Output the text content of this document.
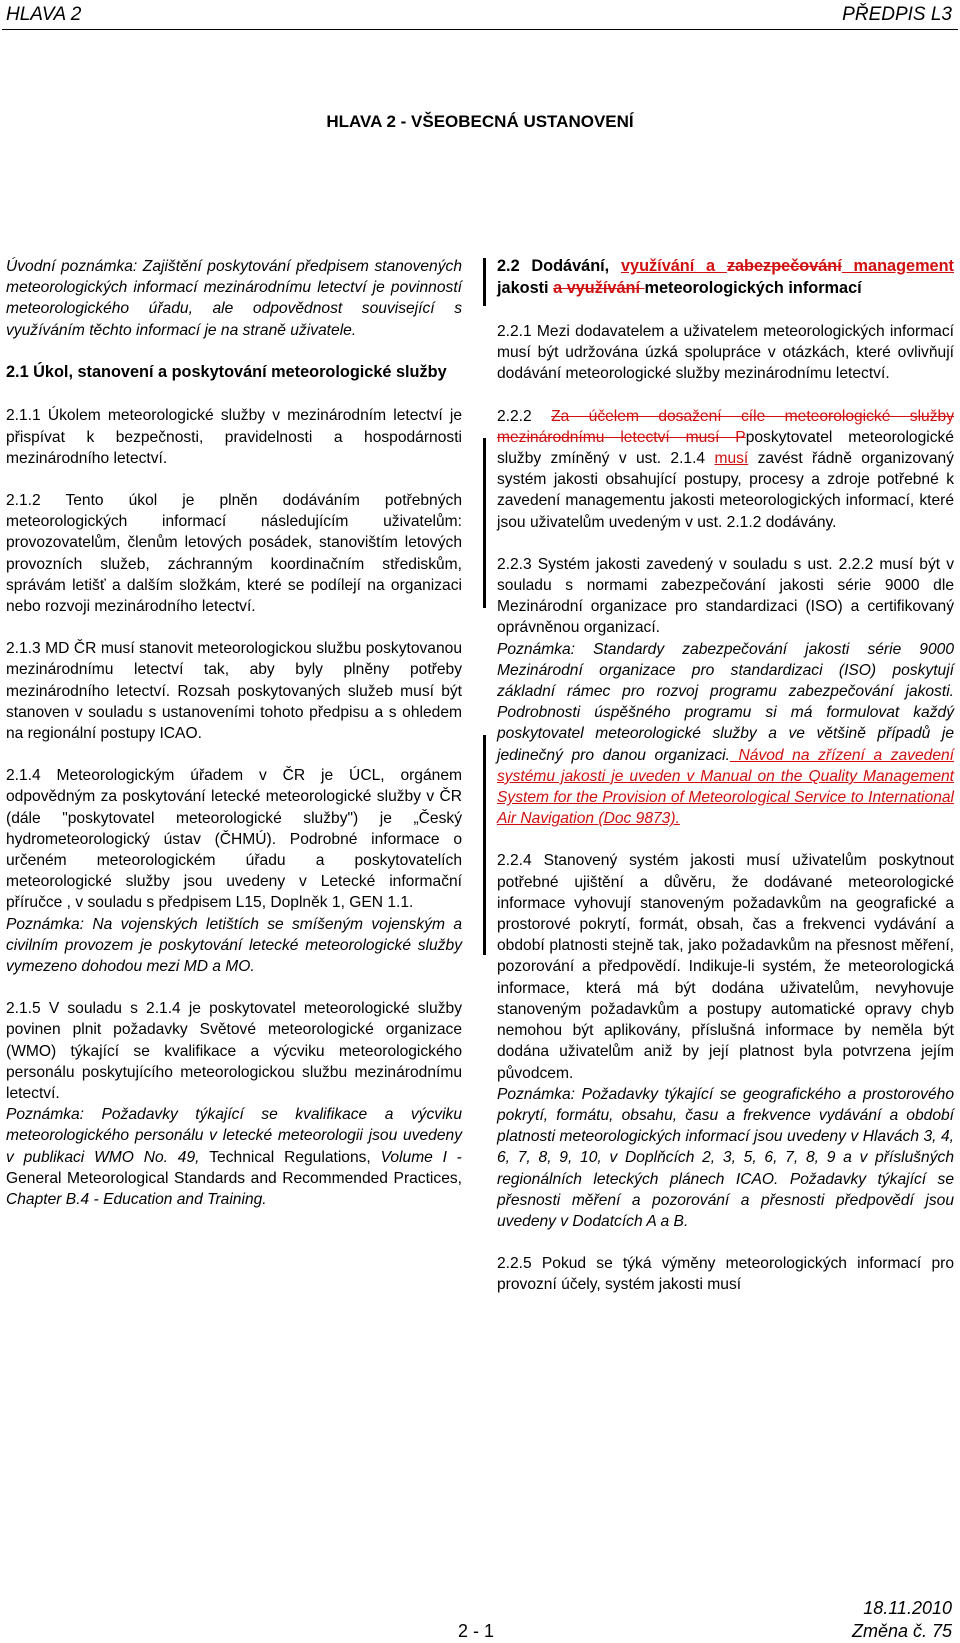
HLAVA 2	PŘEDPIS L3
HLAVA 2 - VŠEOBECNÁ USTANOVENÍ

Úvodní poznámka: Zajištění poskytování předpisem stanovených meteorologických informací mezinárodnímu letectví je povinností meteorologického úřadu, ale odpovědnost související s využíváním těchto informací je na straně uživatele.

2.1 Úkol, stanovení a poskytování meteorologické služby

2.1.1 Úkolem meteorologické služby v mezinárodním letectví je přispívat k bezpečnosti, pravidelnosti a hospodárnosti mezinárodního letectví.

2.1.2 Tento úkol je plněn dodáváním potřebných meteorologických informací následujícím uživatelům: provozovatelům, členům letových posádek, stanovištím letových provozních služeb, záchranným koordinačním střediskům, správám letišť a dalším složkám, které se podílejí na organizaci nebo rozvoji mezinárodního letectví.

2.1.3 MD ČR musí stanovit meteorologickou službu poskytovanou mezinárodnímu letectví tak, aby byly plněny potřeby mezinárodního letectví. Rozsah poskytovaných služeb musí být stanoven v souladu s ustanoveními tohoto předpisu a s ohledem na regionální postupy ICAO.

2.1.4 Meteorologickým úřadem v ČR je ÚCL, orgánem odpovědným za poskytování letecké meteorologické služby v ČR (dále "poskytovatel meteorologické služby") je „Český hydrometeorologický ústav (ČHMÚ). Podrobné informace o určeném meteorologickém úřadu a poskytovatelích meteorologické služby jsou uvedeny v Letecké informační příručce , v souladu s předpisem L15, Doplněk 1, GEN 1.1.

Poznámka: Na vojenských letištích se smíšeným vojenským a civilním provozem je poskytování letecké meteorologické služby vymezeno dohodou mezi MD a MO.

2.1.5 V souladu s 2.1.4 je poskytovatel meteorologické služby povinen plnit požadavky Světové meteorologické organizace (WMO) týkající se kvalifikace a výcviku meteorologického personálu poskytujícího meteorologickou službu mezinárodnímu letectví.

Poznámka: Požadavky týkající se kvalifikace a výcviku meteorologického personálu v letecké meteorologii jsou uvedeny v publikaci WMO No. 49, Technical Regulations, Volume I - General Meteorological Standards and Recommended Practices, Chapter B.4 - Education and Training.

2.2 Dodávání, využívání a zabezpečování management jakosti a využívání meteorologických informací

2.2.1 Mezi dodavatelem a uživatelem meteorologických informací musí být udržována úzká spolupráce v otázkách, které ovlivňují dodávání meteorologické služby mezinárodnímu letectví.

2.2.2 Za účelem dosažení cíle meteorologické služby mezinárodnímu letectví musí Pposkytovatel meteorologické služby zmíněný v ust. 2.1.4 musí zavést řádně organizovaný systém jakosti obsahující postupy, procesy a zdroje potřebné k zavedení managementu jakosti meteorologických informací, které jsou uživatelům uvedeným v ust. 2.1.2 dodávány.

2.2.3 Systém jakosti zavedený v souladu s ust. 2.2.2 musí být v souladu s normami zabezpečování jakosti série 9000 dle Mezinárodní organizace pro standardizaci (ISO) a certifikovaný oprávněnou organizací.

Poznámka: Standardy zabezpečování jakosti série 9000 Mezinárodní organizace pro standardizaci (ISO) poskytují základní rámec pro rozvoj programu zabezpečování jakosti. Podrobnosti úspěšného programu si má formulovat každý poskytovatel meteorologické služby a ve většině případů je jedinečný pro danou organizaci. Návod na zřízení a zavedení systému jakosti je uveden v Manual on the Quality Management System for the Provision of Meteorological Service to International Air Navigation (Doc 9873).

2.2.4 Stanovený systém jakosti musí uživatelům poskytnout potřebné ujištění a důvěru, že dodávané meteorologické informace vyhovují stanoveným požadavkům na geografické a prostorové pokrytí, formát, obsah, čas a frekvenci vydávání a období platnosti stejně tak, jako požadavkům na přesnost měření, pozorování a předpovědí. Indikuje-li systém, že meteorologická informace, která má být dodána uživatelům, nevyhovuje stanoveným požadavkům a postupy automatické opravy chyb nemohou být aplikovány, příslušná informace by neměla být dodána uživatelům aniž by její platnost byla potvrzena jejím původcem.

Poznámka: Požadavky týkající se geografického a prostorového pokrytí, formátu, obsahu, času a frekvence vydávání a období platnosti meteorologických informací jsou uvedeny v Hlavách 3, 4, 6, 7, 8, 9, 10, v Doplňcích 2, 3, 5, 6, 7, 8, 9 a v příslušných regionálních leteckých plánech ICAO. Požadavky týkající se přesnosti měření a pozorování a přesnosti předpovědí jsou uvedeny v Dodatcích A a B.

2.2.5 Pokud se týká výměny meteorologických informací pro provozní účely, systém jakosti musí

18.11.2010
2 - 1	Změna č. 75
